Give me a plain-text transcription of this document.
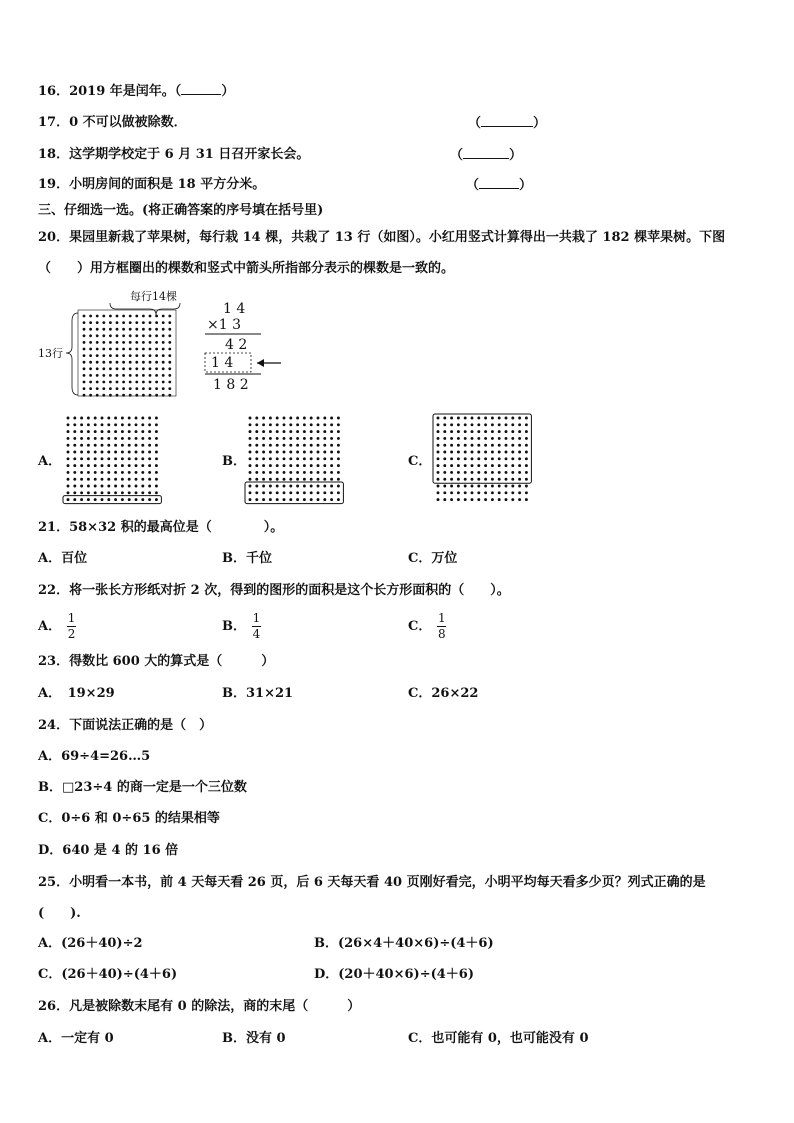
16．2019 年是闰年。（	）
17．0 不可以做被除数．	（	）
18．这学期学校定于 6 月 31 日召开家长会。	（	）
19．小明房间的面积是 18 平方分米。	（	）
三、仔细选一选。(将正确答案的序号填在括号里)
20．果园里新栽了苹果树，每行栽 14 棵，共栽了 13 行（如图）。小红用竖式计算得出一共栽了 182 棵苹果树。下图
（　　）用方框圈出的棵数和竖式中箭头所指部分表示的棵数是一致的。
每行14棵
13行
1 4
×1 3
4 2
1 4
1 8 2
A．	B．	C．
21．58×32 积的最高位是（　　　　）。
A．百位	B．千位	C．万位
22．将一张长方形纸对折 2 次，得到的图形的面积是这个长方形面积的（　　）。
A． $\frac{1}{2}$	B． $\frac{1}{4}$	C． $\frac{1}{8}$
23．得数比 600 大的算式是（　　　）
A．　19×29	B．31×21	C．26×22
24．下面说法正确的是（　）
A．69÷4=26…5
B．□23÷4 的商一定是一个三位数
C．0÷6 和 0÷65 的结果相等
D．640 是 4 的 16 倍
25．小明看一本书，前 4 天每天看 26 页，后 6 天每天看 40 页刚好看完，小明平均每天看多少页？列式正确的是
(　　).
A．(26＋40)÷2	B．(26×4＋40×6)÷(4＋6)
C．(26＋40)÷(4＋6)	D．(20＋40×6)÷(4＋6)
26．凡是被除数末尾有 0 的除法，商的末尾（　　　）
A．一定有 0	B．没有 0	C．也可能有 0，也可能没有 0
